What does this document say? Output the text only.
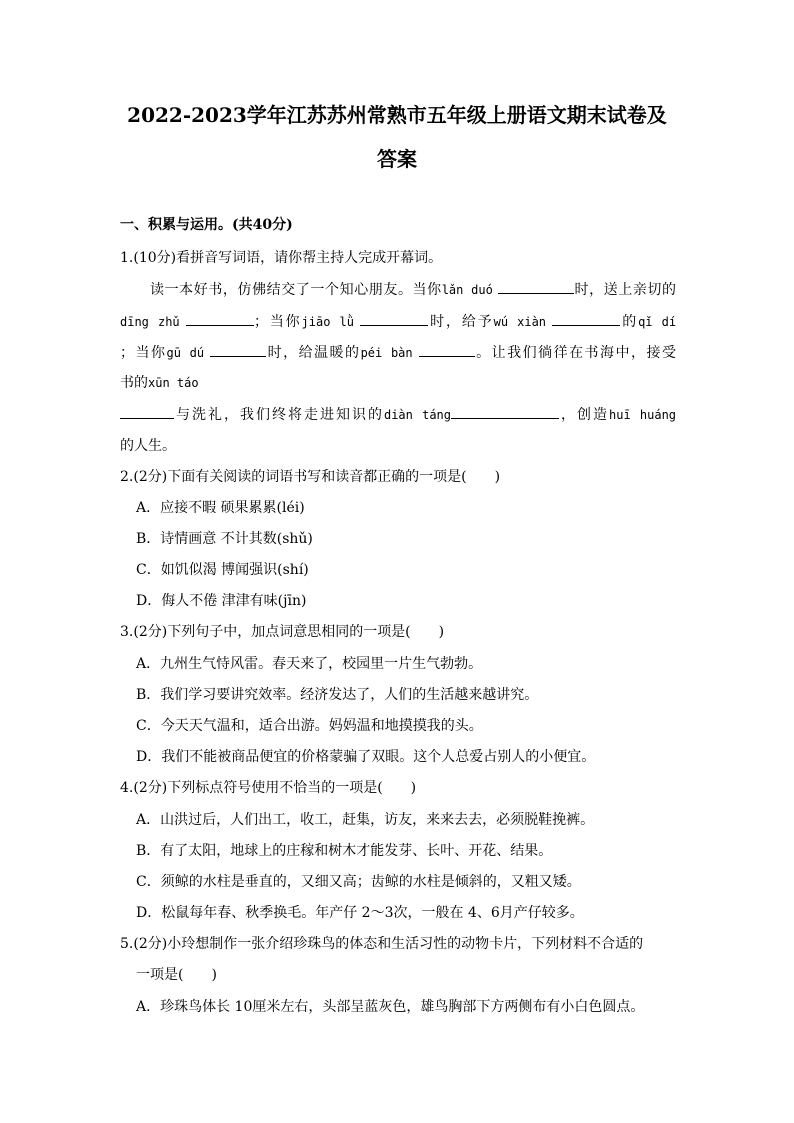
2022-2023学年江苏苏州常熟市五年级上册语文期末试卷及
答案
一、积累与运用。(共40分)
1.(10分)看拼音写词语，请你帮主持人完成开幕词。
读一本好书，仿佛结交了一个知心朋友。当你lǎn duó	时，送上亲切的
dīng zhǔ	；当你jiāo lǜ	时，给予wú xiàn	的qǐ dí
；当你gū dú	时，给温暖的péi bàn	。让我们徜徉在书海中，接受
书的xūn táo
与洗礼，我们终将走进知识的diàn táng	，创造huī huáng
的人生。
2.(2分)下面有关阅读的词语书写和读音都正确的一项是(　　)
A．应接不暇 硕果累累(léi)
B．诗情画意 不计其数(shǔ)
C．如饥似渴 博闻强识(shí)
D．侮人不倦 津津有味(jīn)
3.(2分)下列句子中，加点词意思相同的一项是(　　)
A．九州生气恃风雷。春天来了，校园里一片生气勃勃。
B．我们学习要讲究效率。经济发达了，人们的生活越来越讲究。
C．今天天气温和，适合出游。妈妈温和地摸摸我的头。
D．我们不能被商品便宜的价格蒙骗了双眼。这个人总爱占别人的小便宜。
4.(2分)下列标点符号使用不恰当的一项是(　　)
A．山洪过后，人们出工，收工，赶集，访友，来来去去，必须脱鞋挽裤。
B．有了太阳，地球上的庄稼和树木才能发芽、长叶、开花、结果。
C．须鲸的水柱是垂直的，又细又高；齿鲸的水柱是倾斜的，又粗又矮。
D．松鼠每年春、秋季换毛。年产仔 2～3次，一般在 4、6月产仔较多。
5.(2分)小玲想制作一张介绍珍珠鸟的体态和生活习性的动物卡片，下列材料不合适的
一项是(　　)
A．珍珠鸟体长 10厘米左右，头部呈蓝灰色，雄鸟胸部下方两侧布有小白色圆点。
